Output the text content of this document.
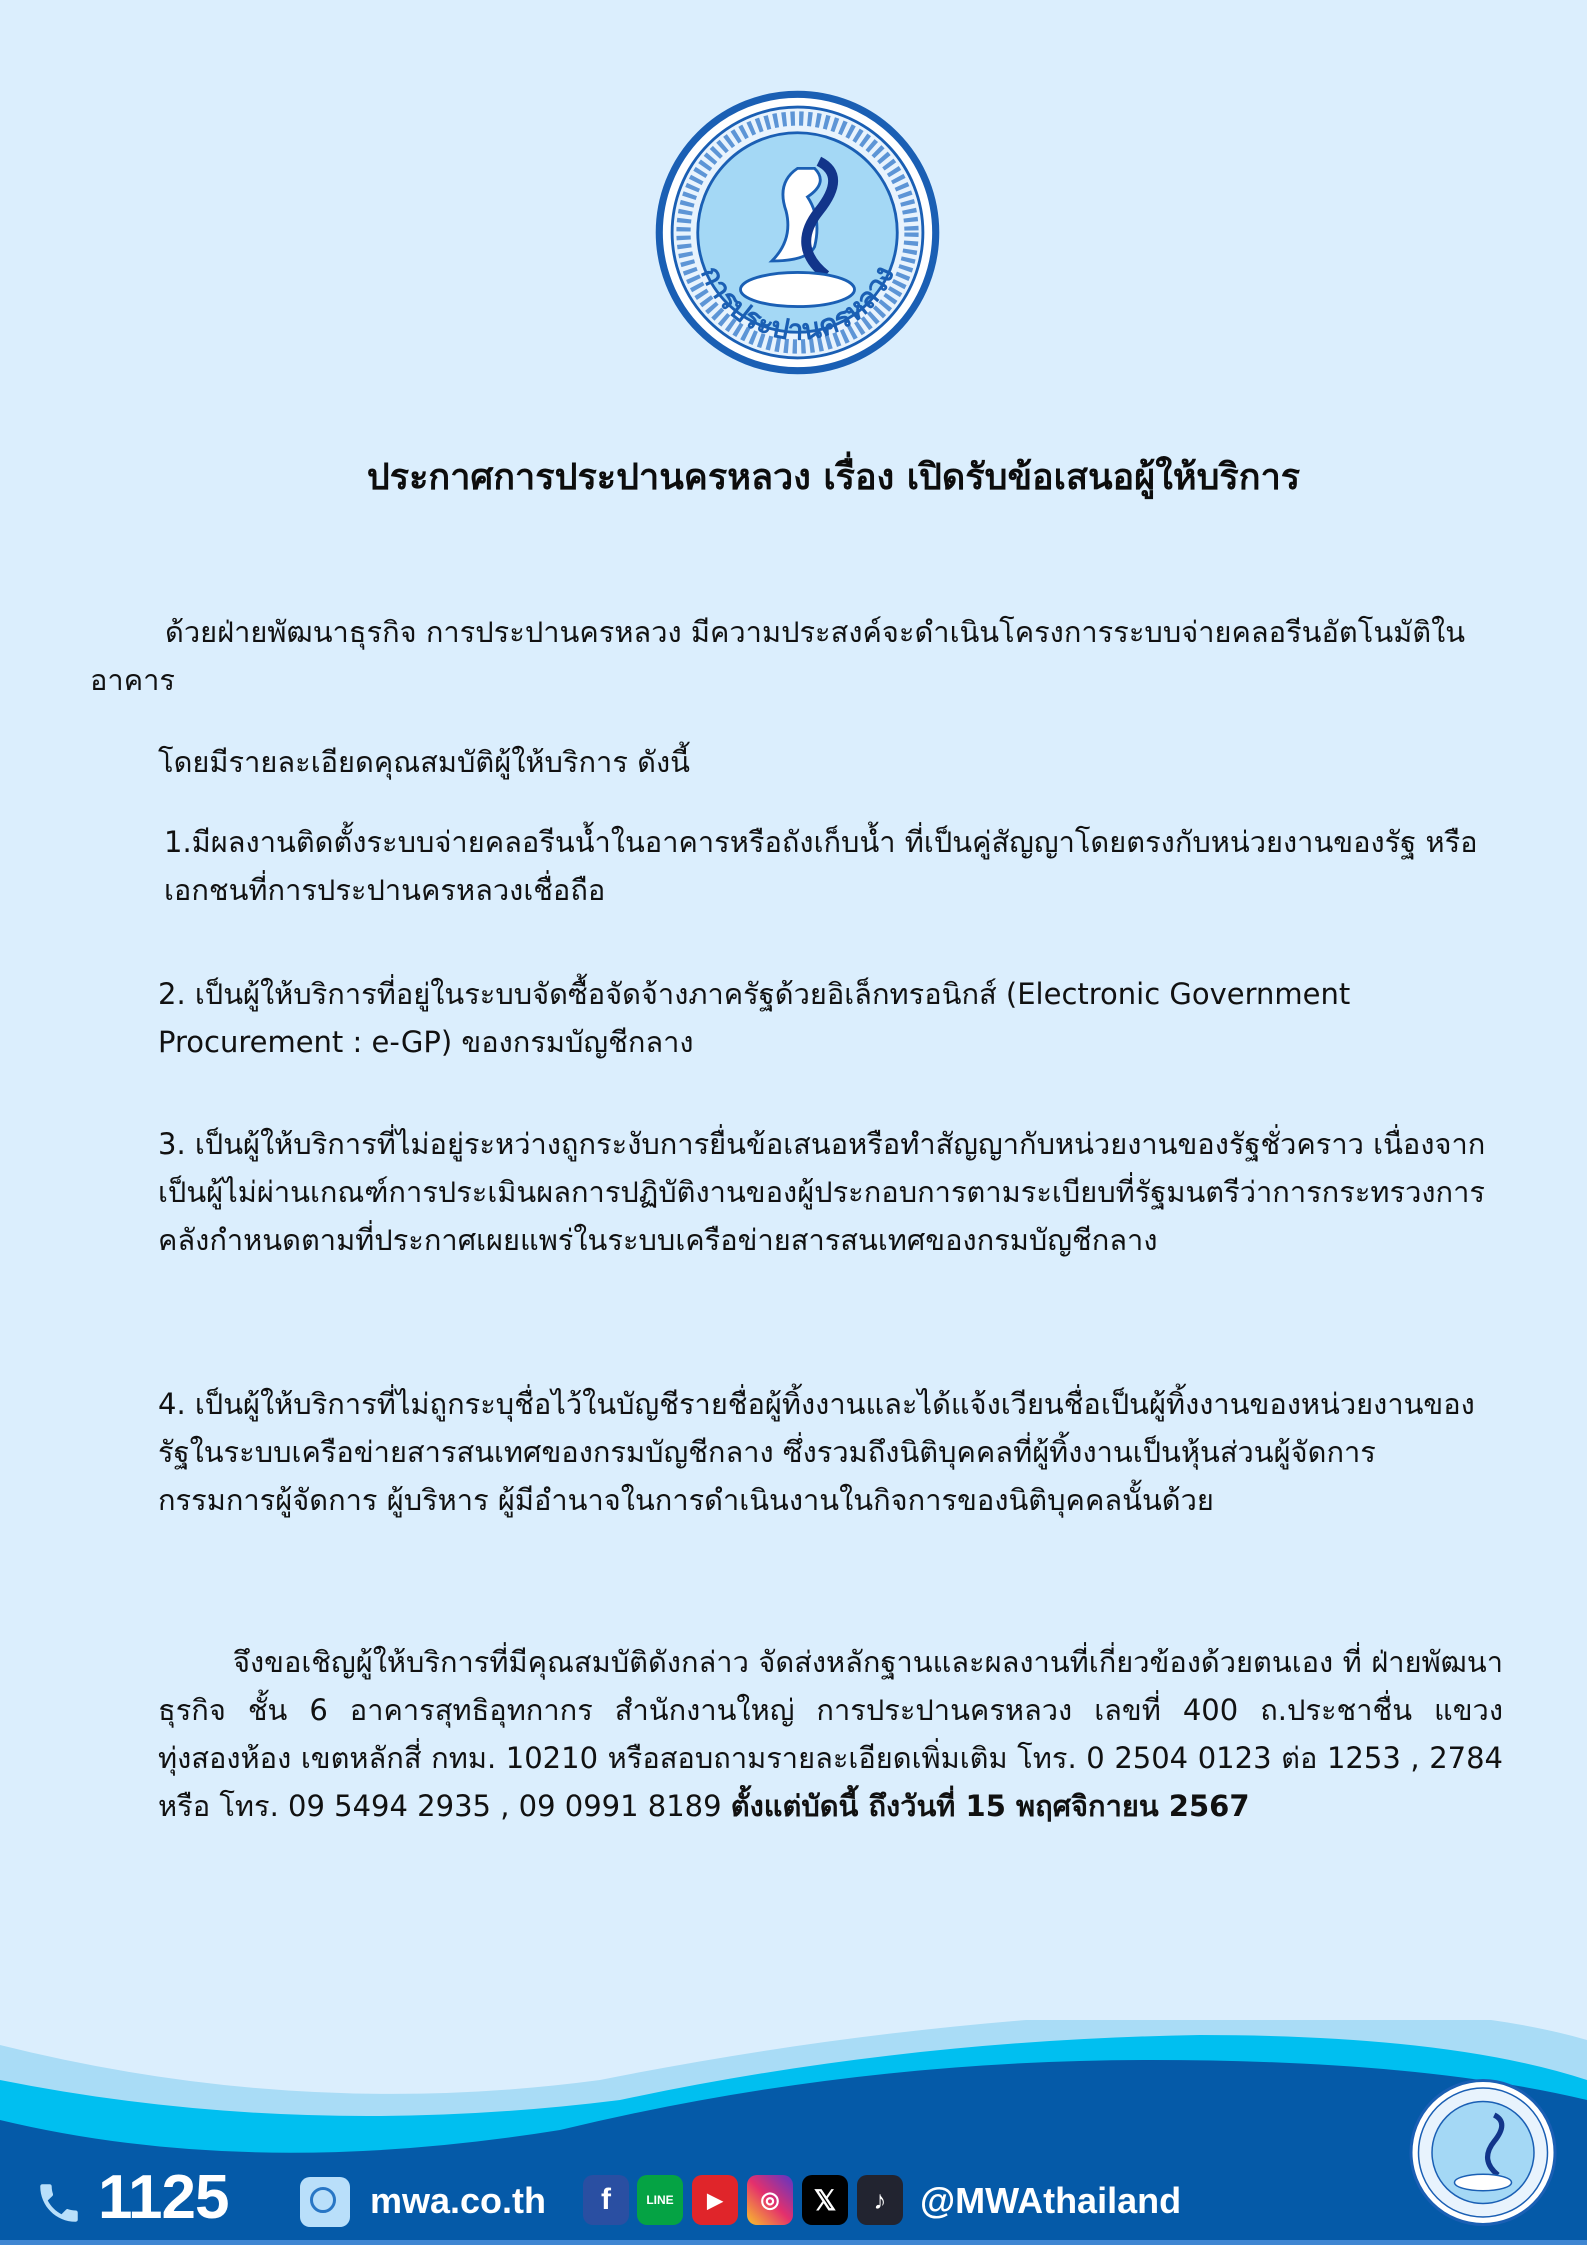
การประปานครหลวง
ประกาศการประปานครหลวง เรื่อง เปิดรับข้อเสนอผู้ให้บริการ
ด้วยฝ่ายพัฒนาธุรกิจ การประปานครหลวง มีความประสงค์จะดำเนินโครงการระบบจ่ายคลอรีนอัตโนมัติในอาคาร
โดยมีรายละเอียดคุณสมบัติผู้ให้บริการ ดังนี้
1.มีผลงานติดตั้งระบบจ่ายคลอรีนน้ำในอาคารหรือถังเก็บน้ำ ที่เป็นคู่สัญญาโดยตรงกับหน่วยงานของรัฐ หรือเอกชนที่การประปานครหลวงเชื่อถือ
2. เป็นผู้ให้บริการที่อยู่ในระบบจัดซื้อจัดจ้างภาครัฐด้วยอิเล็กทรอนิกส์ (Electronic Government Procurement : e-GP) ของกรมบัญชีกลาง
3. เป็นผู้ให้บริการที่ไม่อยู่ระหว่างถูกระงับการยื่นข้อเสนอหรือทำสัญญากับหน่วยงานของรัฐชั่วคราว เนื่องจากเป็นผู้ไม่ผ่านเกณฑ์การประเมินผลการปฏิบัติงานของผู้ประกอบการตามระเบียบที่รัฐมนตรีว่าการกระทรวงการคลังกำหนดตามที่ประกาศเผยแพร่ในระบบเครือข่ายสารสนเทศของกรมบัญชีกลาง
4. เป็นผู้ให้บริการที่ไม่ถูกระบุชื่อไว้ในบัญชีรายชื่อผู้ทิ้งงานและได้แจ้งเวียนชื่อเป็นผู้ทิ้งงานของหน่วยงานของรัฐในระบบเครือข่ายสารสนเทศของกรมบัญชีกลาง ซึ่งรวมถึงนิติบุคคลที่ผู้ทิ้งงานเป็นหุ้นส่วนผู้จัดการ กรรมการผู้จัดการ ผู้บริหาร ผู้มีอำนาจในการดำเนินงานในกิจการของนิติบุคคลนั้นด้วย
จึงขอเชิญผู้ให้บริการที่มีคุณสมบัติดังกล่าว จัดส่งหลักฐานและผลงานที่เกี่ยวข้องด้วยตนเอง ที่ ฝ่ายพัฒนาธุรกิจ ชั้น 6 อาคารสุทธิอุทกากร สำนักงานใหญ่ การประปานครหลวง เลขที่ 400 ถ.ประชาชื่น แขวงทุ่งสองห้อง เขตหลักสี่ กทม. 10210 หรือสอบถามรายละเอียดเพิ่มเติม โทร. 0 2504 0123 ต่อ 1253 , 2784 หรือ โทร. 09 5494 2935 , 09 0991 8189 ตั้งแต่บัดนี้ ถึงวันที่ 15 พฤศจิกายน 2567
1125	mwa.co.th	f	LINE	▶	◎	𝕏	♪ @MWAthailand
